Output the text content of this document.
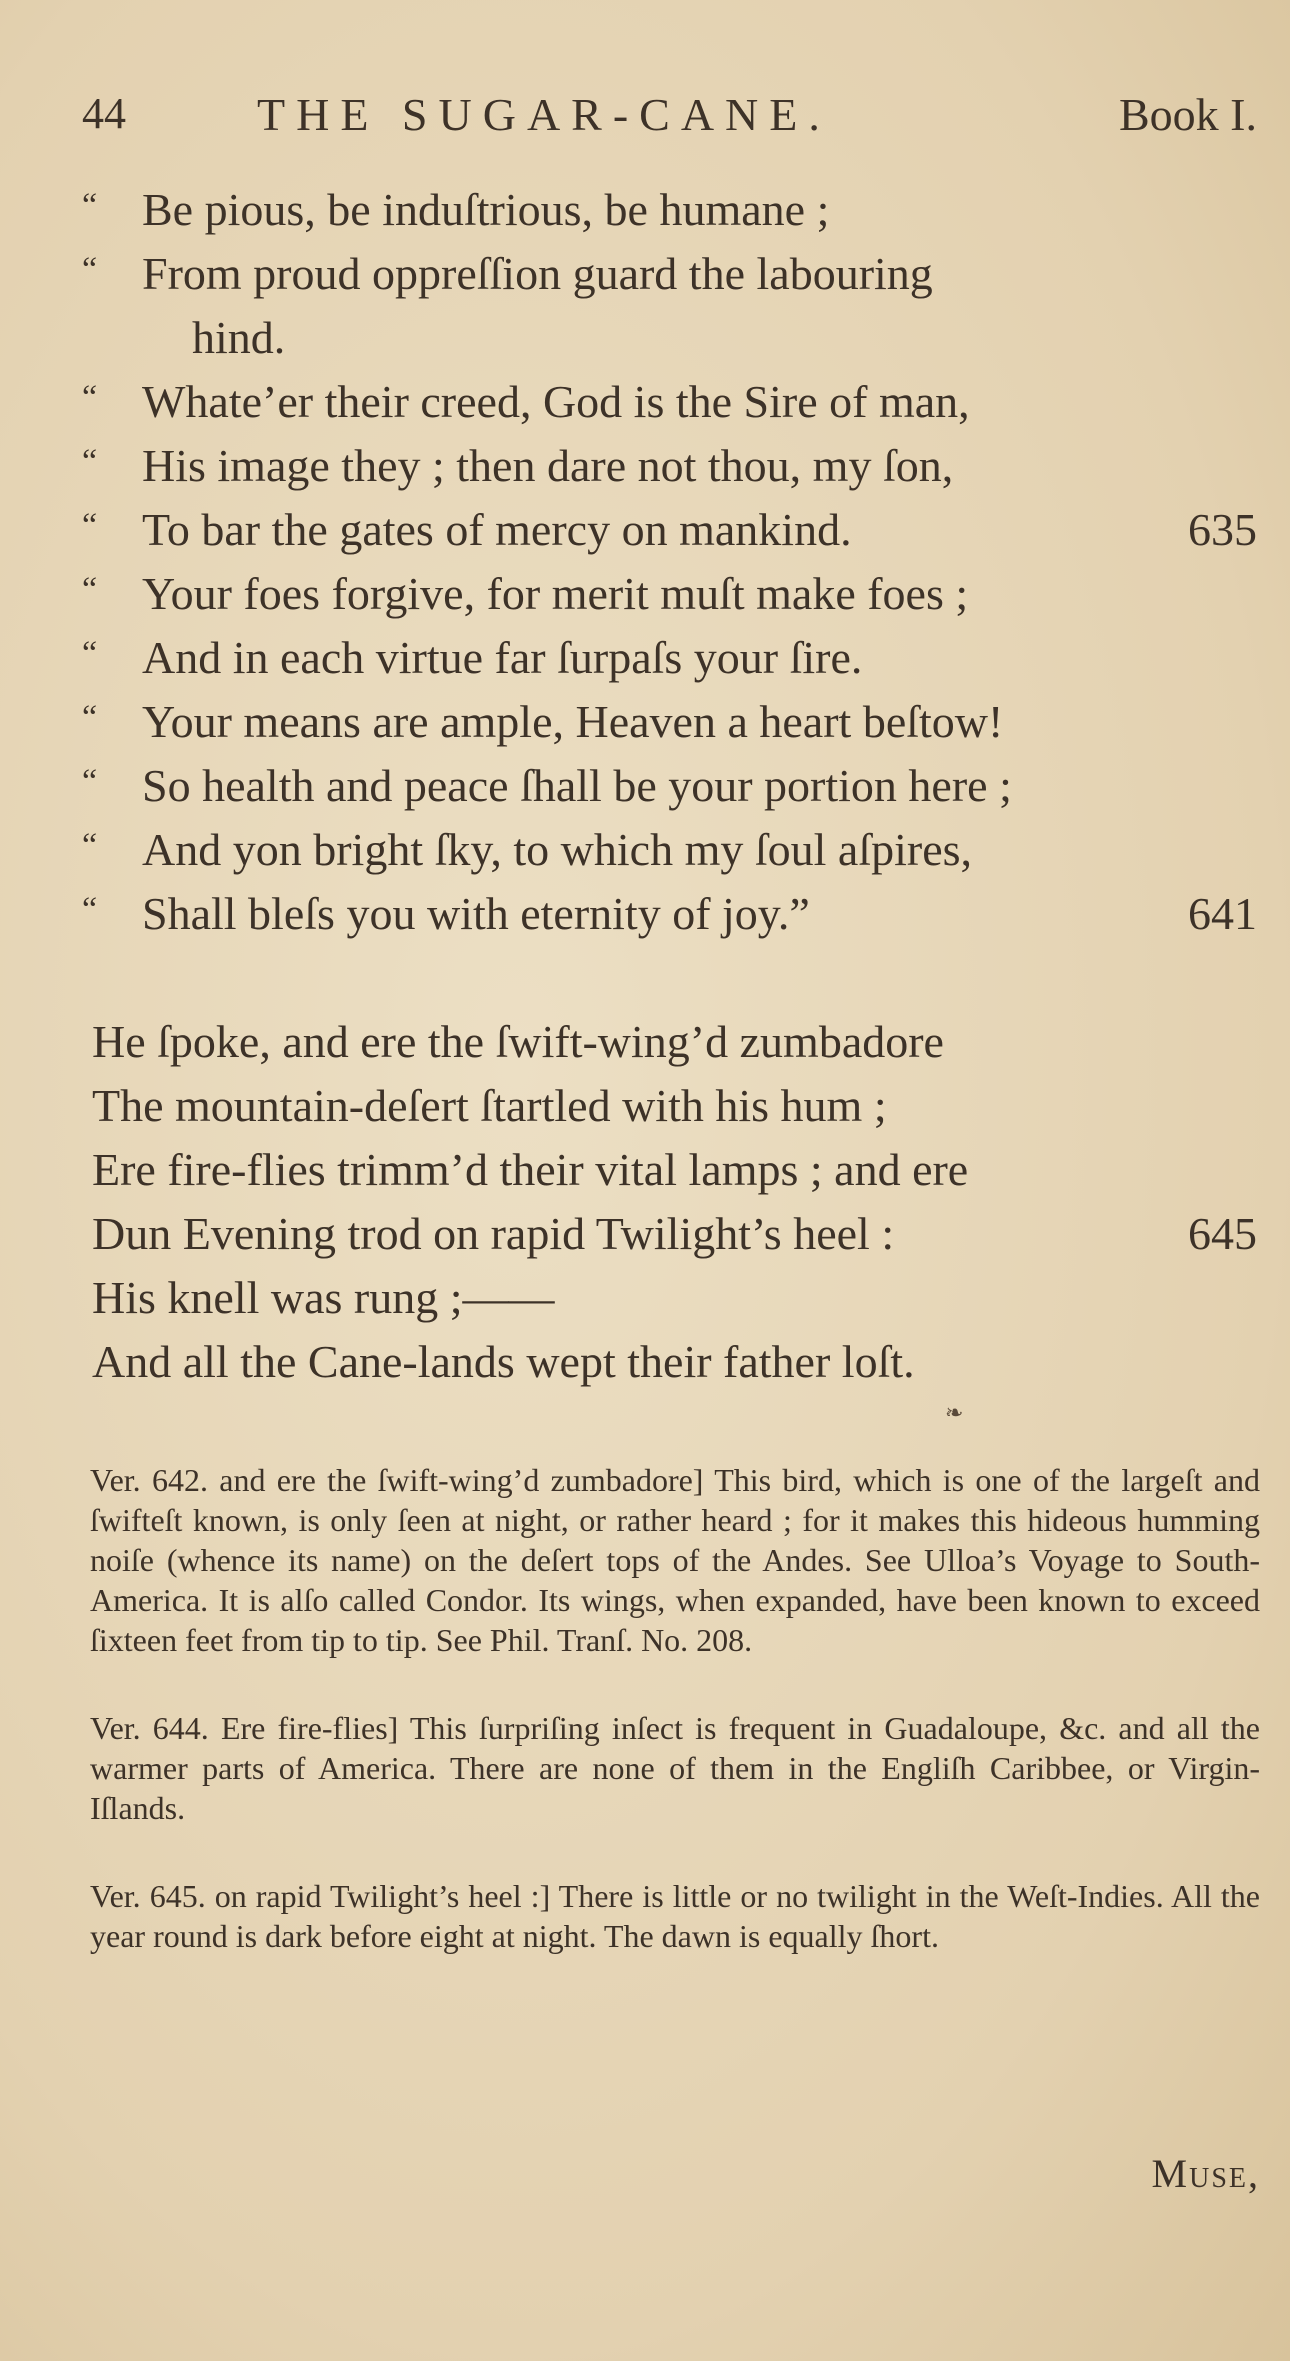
44	THE SUGAR-CANE.	Book I.
“ Be pious, be induſtrious, be humane ;
“ From proud oppreſſion guard the labouring
hind.
“ Whate’er their creed, God is the Sire of man,
“ His image they ; then dare not thou, my ſon,
“ To bar the gates of mercy on mankind.	635
“ Your foes forgive, for merit muſt make foes ;
“ And in each virtue far ſurpaſs your ſire.
“ Your means are ample, Heaven a heart beſtow!
“ So health and peace ſhall be your portion here ;
“ And yon bright ſky, to which my ſoul aſpires,
“ Shall bleſs you with eternity of joy.”	641
He ſpoke, and ere the ſwift-wing’d zumbadore
The mountain-deſert ſtartled with his hum ;
Ere fire-flies trimm’d their vital lamps ; and ere
Dun Evening trod on rapid Twilight’s heel :	645
His knell was rung ;——
And all the Cane-lands wept their father loſt.
❧
Ver. 642. and ere the ſwift-wing’d zumbadore] This bird, which is one of the largeſt and ſwifteſt known, is only ſeen at night, or rather heard ; for it makes this hideous humming noiſe (whence its name) on the deſert tops of the Andes. See Ulloa’s Voyage to South-America. It is alſo called Condor. Its wings, when expanded, have been known to exceed ſixteen feet from tip to tip. See Phil. Tranſ. No. 208.
Ver. 644. Ere fire-flies] This ſurpriſing inſect is frequent in Guadaloupe, &c. and all the warmer parts of America. There are none of them in the Engliſh Caribbee, or Virgin-Iſlands.
Ver. 645. on rapid Twilight’s heel :] There is little or no twilight in the Weſt-Indies. All the year round is dark before eight at night. The dawn is equally ſhort.
Muse,
